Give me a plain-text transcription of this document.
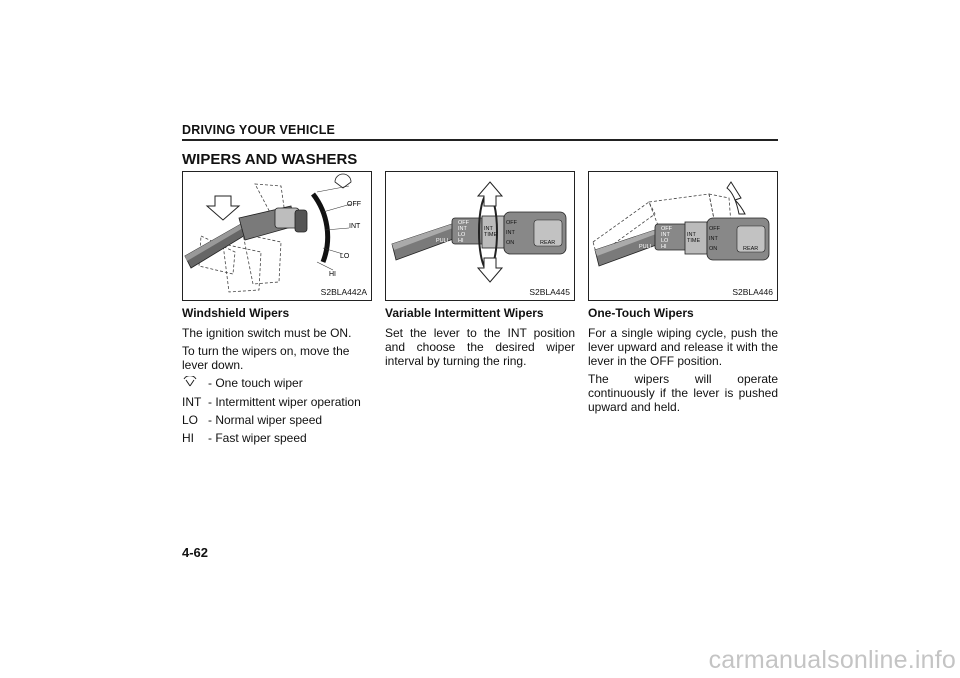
DRIVING YOUR VEHICLE
WIPERS AND WASHERS
OFF
INT
LO
HI
S2BLA442A
PULL
OFF
INT
LO
HI
INT
TIME
OFF
INT
ON	REAR
S2BLA445
PULL
OFF
INT
LO
HI
INT
TIME
OFF
INT
ON	REAR
S2BLA446
Windshield Wipers

The ignition switch must be ON.

To turn the wipers on, move the lever down.

- One touch wiper
INT - Intermittent wiper operation
LO - Normal wiper speed
HI	- Fast wiper speed
Variable Intermittent Wipers

Set the lever to the INT position and choose the desired wiper interval by turning the ring.

One-Touch Wipers

For a single wiping cycle, push the lever upward and release it with the lever in the OFF position.

The wipers will operate continuously if the lever is pushed upward and held.

4-62
carmanualsonline.info
